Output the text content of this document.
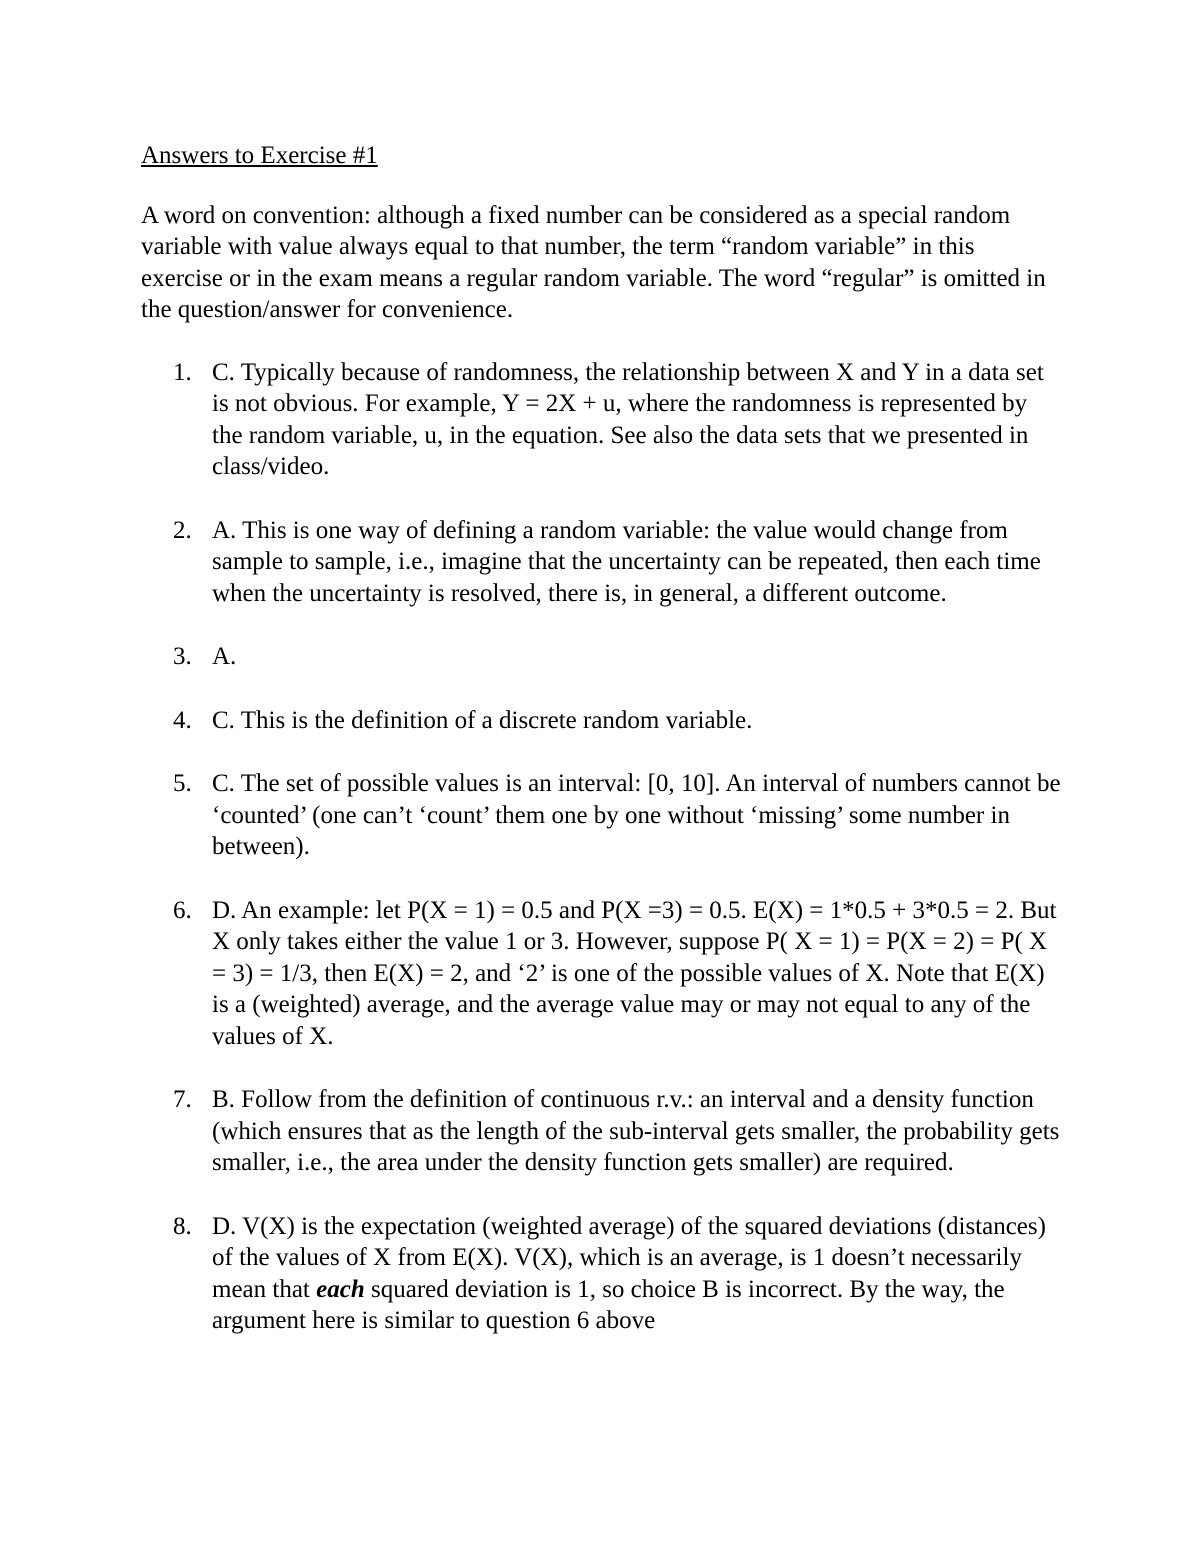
Answers to Exercise #1

A word on convention: although a fixed number can be considered as a special random variable with value always equal to that number, the term “random variable” in this exercise or in the exam means a regular random variable. The word “regular” is omitted in the question/answer for convenience.

1. C. Typically because of randomness, the relationship between X and Y in a data set is not obvious. For example, Y = 2X + u, where the randomness is represented by the random variable, u, in the equation. See also the data sets that we presented in class/video.

2. A. This is one way of defining a random variable: the value would change from sample to sample, i.e., imagine that the uncertainty can be repeated, then each time when the uncertainty is resolved, there is, in general, a different outcome.

3. A.

4. C. This is the definition of a discrete random variable.

5. C. The set of possible values is an interval: [0, 10]. An interval of numbers cannot be ‘counted’ (one can’t ‘count’ them one by one without ‘missing’ some number in between).

6. D. An example: let P(X = 1) = 0.5 and P(X =3) = 0.5. E(X) = 1*0.5 + 3*0.5 = 2. But X only takes either the value 1 or 3. However, suppose P( X = 1) = P(X = 2) = P( X = 3) = 1/3, then E(X) = 2, and ‘2’ is one of the possible values of X. Note that E(X) is a (weighted) average, and the average value may or may not equal to any of the values of X.

7. B. Follow from the definition of continuous r.v.: an interval and a density function (which ensures that as the length of the sub-interval gets smaller, the probability gets smaller, i.e., the area under the density function gets smaller) are required.

8. D. V(X) is the expectation (weighted average) of the squared deviations (distances) of the values of X from E(X). V(X), which is an average, is 1 doesn’t necessarily mean that each squared deviation is 1, so choice B is incorrect. By the way, the argument here is similar to question 6 above
